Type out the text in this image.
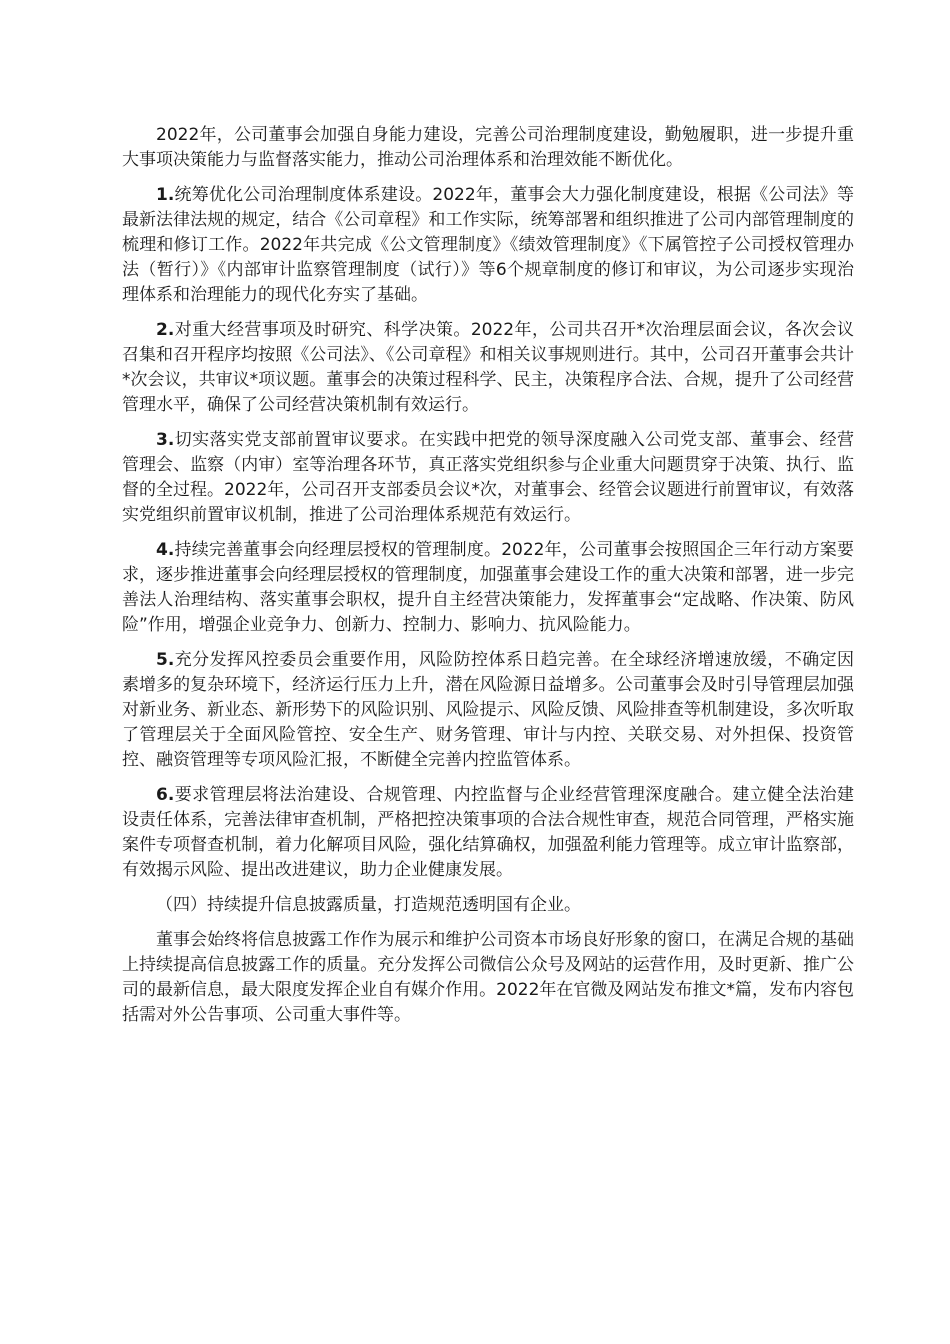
2022年，公司董事会加强自身能力建设，完善公司治理制度建设，勤勉履职，进一步提升重大事项决策能力与监督落实能力，推动公司治理体系和治理效能不断优化。

1.统筹优化公司治理制度体系建设。2022年，董事会大力强化制度建设，根据《公司法》等最新法律法规的规定，结合《公司章程》和工作实际，统筹部署和组织推进了公司内部管理制度的梳理和修订工作。2022年共完成《公文管理制度》《绩效管理制度》《下属管控子公司授权管理办法（暂行）》《内部审计监察管理制度（试行）》等6个规章制度的修订和审议，为公司逐步实现治理体系和治理能力的现代化夯实了基础。

2.对重大经营事项及时研究、科学决策。2022年，公司共召开*次治理层面会议，各次会议召集和召开程序均按照《公司法》、《公司章程》和相关议事规则进行。其中，公司召开董事会共计*次会议，共审议*项议题。董事会的决策过程科学、民主，决策程序合法、合规，提升了公司经营管理水平，确保了公司经营决策机制有效运行。

3.切实落实党支部前置审议要求。在实践中把党的领导深度融入公司党支部、董事会、经营管理会、监察（内审）室等治理各环节，真正落实党组织参与企业重大问题贯穿于决策、执行、监督的全过程。2022年，公司召开支部委员会议*次，对董事会、经管会议题进行前置审议，有效落实党组织前置审议机制，推进了公司治理体系规范有效运行。

4.持续完善董事会向经理层授权的管理制度。2022年，公司董事会按照国企三年行动方案要求，逐步推进董事会向经理层授权的管理制度，加强董事会建设工作的重大决策和部署，进一步完善法人治理结构、落实董事会职权，提升自主经营决策能力，发挥董事会“定战略、作决策、防风险”作用，增强企业竞争力、创新力、控制力、影响力、抗风险能力。

5.充分发挥风控委员会重要作用，风险防控体系日趋完善。在全球经济增速放缓，不确定因素增多的复杂环境下，经济运行压力上升，潜在风险源日益增多。公司董事会及时引导管理层加强对新业务、新业态、新形势下的风险识别、风险提示、风险反馈、风险排查等机制建设，多次听取了管理层关于全面风险管控、安全生产、财务管理、审计与内控、关联交易、对外担保、投资管控、融资管理等专项风险汇报，不断健全完善内控监管体系。

6.要求管理层将法治建设、合规管理、内控监督与企业经营管理深度融合。建立健全法治建设责任体系，完善法律审查机制，严格把控决策事项的合法合规性审查，规范合同管理，严格实施案件专项督查机制，着力化解项目风险，强化结算确权，加强盈利能力管理等。成立审计监察部，有效揭示风险、提出改进建议，助力企业健康发展。

（四）持续提升信息披露质量，打造规范透明国有企业。

董事会始终将信息披露工作作为展示和维护公司资本市场良好形象的窗口，在满足合规的基础上持续提高信息披露工作的质量。充分发挥公司微信公众号及网站的运营作用，及时更新、推广公司的最新信息，最大限度发挥企业自有媒介作用。2022年在官微及网站发布推文*篇，发布内容包括需对外公告事项、公司重大事件等。
